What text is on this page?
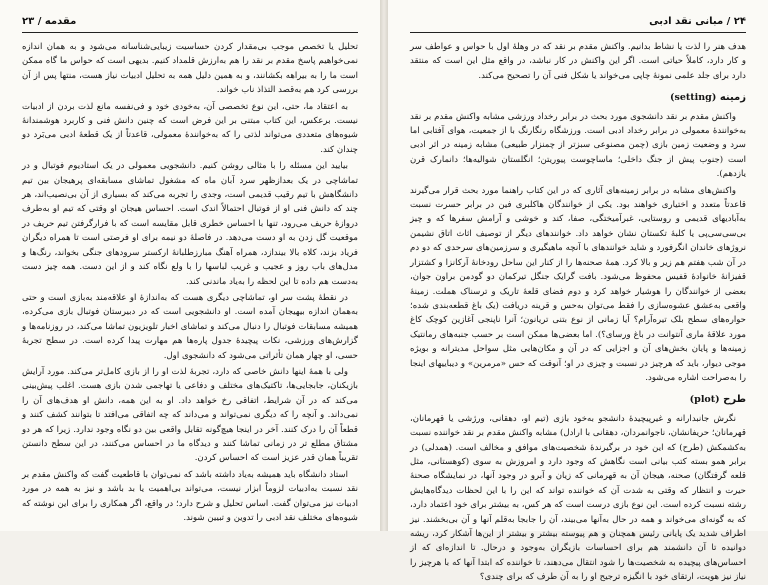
مقدمه / ۲۳

تحلیل یا تخصص موجب بی‌مقدار کردن حساسیت زیبایی‌شناسانه می‌شود و به همان اندازه نمی‌خواهیم پاسخ مقدم بر نقد را هم به‌ارزش قلمداد کنیم. بدیهی است که حواس ما گاه ممکن است ما را به بیراهه بکشانند، و به همین دلیل همه به تحلیل ادبیات نیاز هست، منتها پس از آن بررسی کرد هم به‌قصد التذاذ ناب خواند.

به اعتقاد ما، حتی، این نوع تخصصی آن، به‌خودی خود و فی‌نفسه مانع لذت بردن از ادبیات نیست. برعکس، این کتاب مبتنی بر این فرض است که چنین دانش فنی و کاربرد هوشمندانهٔ شیوه‌های متعددی می‌تواند لذتی را که به‌خوانندهٔ معمولی، قاعدتاً از یک قطعهٔ ادبی می‌بَرد دو چندان کند.

بیایید این مسئله را با مثالی روشن کنیم. دانشجویی معمولی در یک استادیوم فوتبال و در تماشاچی در یک بعدازظهر سرد آبان ماه که مشغول تماشای مسابقه‌ای پرهیجان بین تیم دانشگاهش با تیم رقیب قدیمی است، وجدی را تجربه می‌کند که بسیاری از آن بی‌نصیب‌اند، هر چند که دانش فنی او از فوتبال احتمالاً اندک است. احساس هیجان او وقتی که تیم او به‌طرف دروازهٔ حریف می‌رود، تنها با احساس خطری قابل مقایسه است که با فرارگرفتن تیم حریف در موقعیت گل زدن به او دست می‌دهد. در فاصلهٔ دو نیمه برای او فرصتی است تا همراه دیگران فریاد بزند، کلاه بالا بیندازد، همراه آهنگ مبارزطلبانهٔ ارکستر سرودهای جنگی بخواند، رنگ‌ها و مدل‌های باب روز و عجیب و غریب لباسها را با ولع نگاه کند و از این دست. همه چیز دست به‌دست هم داده تا این لحظه را به‌یاد ماندنی کند.

در نقطهٔ پشت سر او، تماشاچی دیگری هست که به‌اندازهٔ او علاقه‌مند به‌بازی است و حتی به‌همان اندازه بیهیجان آمده است. او دانشجویی است که در دبیرستان فوتبال بازی می‌کرده، همیشه مسابقات فوتبال را دنبال می‌کند و تماشای اخبار تلویزیون تماشا می‌کند، در روزنامه‌ها و گزارش‌های ورزشی، نکات پیچیدهٔ جدول پاره‌ها هم مهارت پیدا کرده است. در سطح تجربهٔ حسی، او چهار همان تأثراتی می‌شود که دانشجوی اول.

ولی با همهٔ اینها دانش خاصی که دارد، تجربهٔ لذت او را از بازی کامل‌تر می‌کند. مورد آرایش بازیکنان، جابجایی‌ها، تاکتیک‌های مختلف و دفاعی یا تهاجمی شدن بازی هست. اغلب پیش‌بینی می‌کند که در آن شرایط، اتفاقی رخ خواهد داد. او به این همه، دانش او هدف‌های آن را نمی‌داند. و آنچه را که دیگری نمی‌تواند و می‌داند که چه اتفاقی می‌افتد تا بتوانند کشف کنند و قطعاً آن را درک کنند. آخر در اینجا هیچ‌گونه تقابل واقعی بین دو نگاه وجود ندارد. زیرا که هر دو مشتاق مطلع تر در زمانی تماشا کنند و دیدگاه ما در احساس می‌کنند، در این سطح دانستن تقریباً همان قدر عزیز است که احساس کردن.

استاد دانشگاه باید همیشه به‌یاد داشته باشد که نمی‌توان با قاطعیت گفت که واکنش مقدم بر نقد نسبت به‌ادبیات لزوماً ابزار نیست، می‌تواند بی‌اهمیت یا بد باشد و نیز به همه در مورد ادبیات نیز می‌توان گفت. اساس تحلیل و شرح دارد؛ در واقع، اگر همکاری را برای این نوشته که شیوه‌های مختلف نقد ادبی را تدوین و تبیین شوند.

۲۴ / مبانی نقد ادبی

هدف هنر را لذت یا نشاط بدانیم. واکنش مقدم بر نقد که در وهلهٔ اول با حواس و عواطف سر و کار دارد، کاملاً حیاتی است. اگر این واکنش در کار نباشد، در واقع مثل این است که منتقد دارد برای جلد علمی نمونهٔ چاپی می‌خواند یا شکل فنی آن را تصحیح می‌کند.

زمینه (setting)

واکنش مقدم بر نقد دانشجوی مورد بحث در برابر رخداد ورزشی مشابه واکنش مقدم بر نقد به‌خوانندهٔ معمولی در برابر رخداد ادبی است. ورزشگاه رنگارنگ با از جمعیت، هوای آفتابی اما سرد و وضعیت زمین بازی (چمن مصنوعی سبزتر از چمنزار طبیعی) مشابه زمینه در اثر ادبی است (جنوب پیش از جنگ داخلی؛ ماساچوست پیوریتن؛ انگلستان شوالیه‌ها؛ دانمارک قرن یازدهم).

واکنش‌های مشابه در برابر زمینه‌های آثاری که در این کتاب راهنما مورد بحث قرار می‌گیرند قاعدتاً متعدد و اختیاری خواهند بود. یکی از خوانندگان هاکلبری فین در برابر حسرت نسبت به‌آبادیهای قدیمی و روستایی، غبرآمیختگی، صفا، کند و خوشی و آرامش سفرها که و چیز بی‌سی‌سی‌پی یا کلبهٔ تکستان نشان خواهد داد. خوانندهای دیگر از توصیف اثاث اتاق نشیمن نروژ‌های خاندان انگرفورد و شاید خوانندهای با آنچه ماهیگیری و سرزمین‌های سرحدی که دو دم در آن شب هفتم هم زیر و بالا کرد. همهٔ صحنه‌ها را از کنار این ساحل رودخانهٔ آرکانزا و کشتزار قفیزانهٔ خانوادهٔ قفیس محفوظ می‌شود. بافت گرایک جنگل تیرکمان دو گودمن براون جوان، بعضی از خوانندگان را هوشیار خواهد کرد و دوم فضای قلعهٔ تاریک و ترسناک هملت. زمینهٔ واقعی به‌عشق عشوه‌سازی را فقط می‌توان به‌حس و قرینه دریافت (یک باغ قطعه‌بندی شده؛ حواره‌های سطح بلک تیره‌آرام؟ آیا زمانی از نوع بتنی تریانون؛ آنرا ناپنجی آغازین کوچک کاغ مورد علاقهٔ ماری آنتوانت در باغ ورسای؟). اما بعضی‌ها ممکن است بر حسب جنبه‌های رمانتیک زمینه‌ها و پایان بخش‌های آن و اجزایی که در آن و مکان‌هایی مثل سواحل مدیترانه و بویژه موجی دیوار، باید که هرچیز در نسبت و چیزی در او؛ آنوقت که حس «مرمرین» و دیباییهای اینجا را به‌صراحت اشاره می‌شود.

طرح (plot)

نگرش جانبدارانه و غیرپیچیدهٔ دانشجو به‌خود بازی (تیم او، دهقانی، ورژشی یا قهرمانان، قهرمانان؛ حریفانشان، ناجوانمردان، دهقانی با ارادل) مشابه واکنش مقدم بر نقد خواننده نسبت به‌کشمکش (طرح) که این خود در برگیرندهٔ شخصیت‌های موافق و مخالف است. (همدلی) در برابر همو بسته کتب بیانی است نگاهش که وجود دارد و امروزش به سوی (کوهستانی، مثل قلعه گرفتگان) صحنه، هیجان آن به قهرمانی که زیان و آبرو در وجود آنها، در نمایشگاه صحنهٔ حیرت و انتظار که وقتی به شدت آن که خواننده تواند که این را با این لحظات دیدگاه‌هایش رشته نسبت کرده است. این نوع بازی درست است که هر کس، به بیشتر برای خود اعتماد دارد، که به گونه‌ای می‌خواند و همه در حال به‌آنها می‌بیند، آن را جابجا به‌قلم آنها و آن بی‌بخشند. نیز اطراف شدید یک پایانی رئیس همچنان و هم پیوسته بیشتر و بیشتر از این‌ها آشکار کرد، ریشه دوانیده تا آن دانشمند هم برای احساسات بازیگران به‌وجود و درحال. تا اندازه‌ای که از احساس‌های پیچیده به شخصیت‌ها را شود انتقال می‌دهند، تا خواننده که ابتدا آنها که با هرچیز را نیاز نیز هویت، ارتقای خود با انگیزه ترجیح او را به آن طرف که برای چندی؟
